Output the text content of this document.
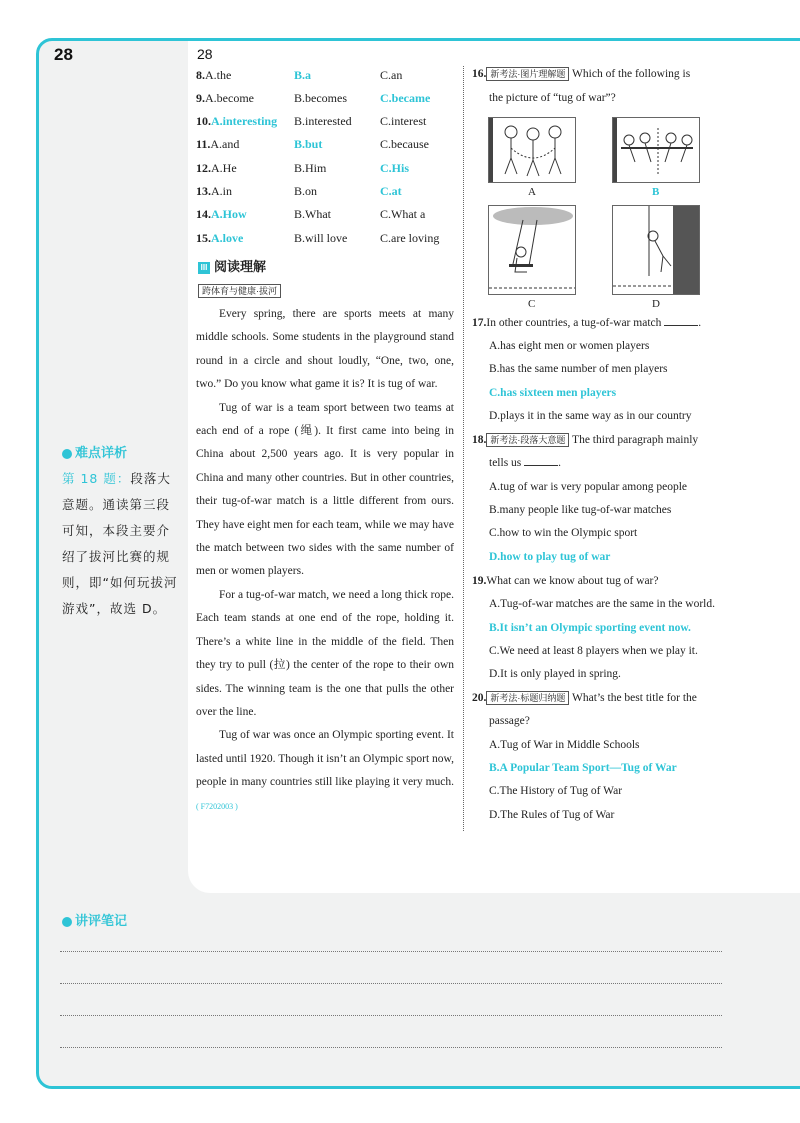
28	28
8.A.the	B.a	C.an
9.A.become	B.becomes	C.became
10.A.interesting B.interested C.interest
11.A.and	B.but	C.because
12.A.He	B.Him	C.His
13.A.in	B.on	C.at
14.A.How	B.What	C.What a
15.A.love	B.will love	C.are loving
III 阅读理解
跨体育与健康·拔河

Every spring, there are sports meets at many middle schools. Some students in the playground stand round in a circle and shout loudly, “One, two, one, two.” Do you know what game it is? It is tug of war.

Tug of war is a team sport between two teams at each end of a rope (绳). It first came into being in China about 2,500 years ago. It is very popular in China and many other countries. But in other countries, their tug-of-war match is a little different from ours. They have eight men for each team, while we may have the match between two sides with the same number of men or women players.

For a tug-of-war match, we need a long thick rope. Each team stands at one end of the rope, holding it. There’s a white line in the middle of the field. Then they try to pull (拉) the center of the rope to their own sides. The winning team is the one that pulls the other over the line.

Tug of war was once an Olympic sporting event. It lasted until 1920. Though it isn’t an Olympic sport now, people in many countries still like playing it very much. ( F7202003 )

难点详析
第 18 题：段落大意题。通读第三段可知，本段主要介绍了拔河比赛的规则，即“如何玩拔河游戏”，故选 D。
16. 新考法·图片理解题 Which of the following is
the picture of “tug of war”?
A	B
C	D
17.In other countries, a tug-of-war match	.
A.has eight men or women players
B.has the same number of men players
C.has sixteen men players
D.plays it in the same way as in our country
18. 新考法·段落大意题 The third paragraph mainly
tells us	.
A.tug of war is very popular among people
B.many people like tug-of-war matches
C.how to win the Olympic sport
D.how to play tug of war
19.What can we know about tug of war?
A.Tug-of-war matches are the same in the world.
B.It isn’t an Olympic sporting event now.
C.We need at least 8 players when we play it.
D.It is only played in spring.
20. 新考法·标题归纳题 What’s the best title for the
passage?
A.Tug of War in Middle Schools
B.A Popular Team Sport—Tug of War
C.The History of Tug of War
D.The Rules of Tug of War
讲评笔记
